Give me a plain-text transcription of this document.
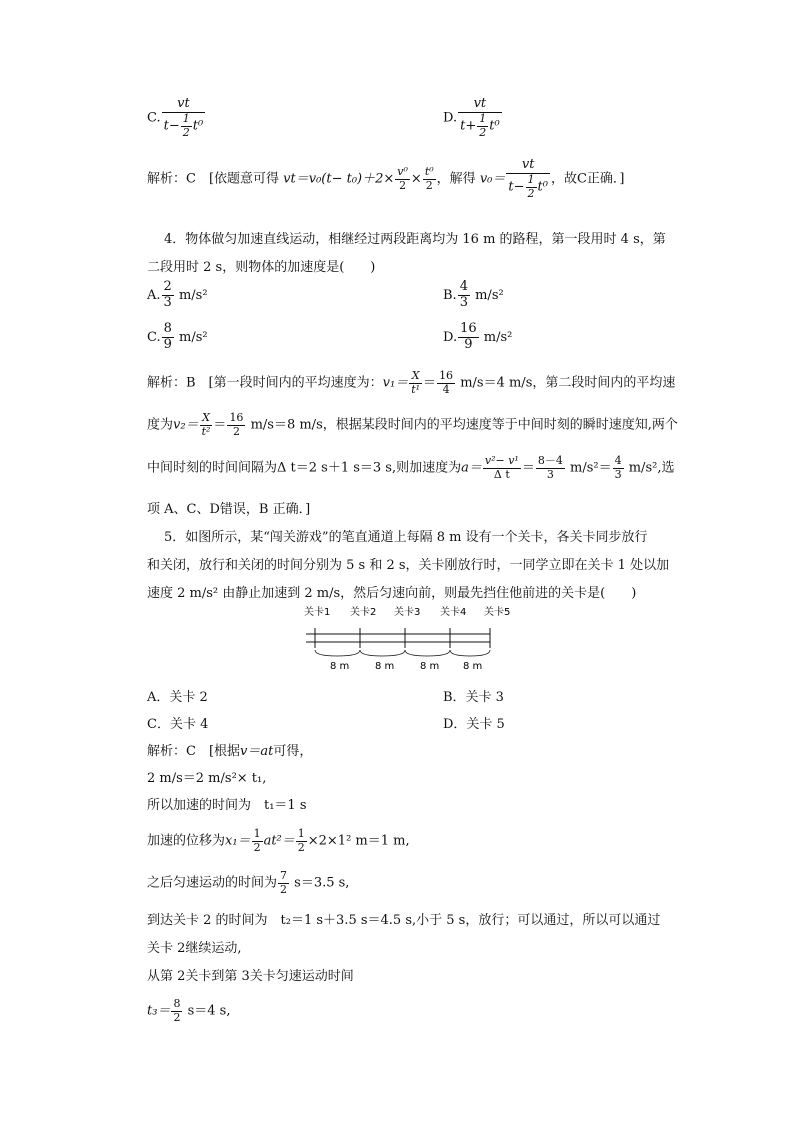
C. $\frac{vt}{t- \frac{1}{2} t^0}$	D. $\frac{vt}{t+ \frac{1}{2} t^0}$
解析：C　[依题意可得 $vt=v_0(t- t_0)+2\times \frac{\text{v⁰}}{2} \times \frac{\text{t⁰}}{2}$ ，解得 $v_0= \frac{vt}{t- \frac{1}{2} t^0}$ ，故C正确．]
4．物体做匀加速直线运动，相继经过两段距离均为 16 m 的路程，第一段用时 4 s，第
二段用时 2 s，则物体的加速度是(　　)
A. $\frac{2}{3} m/s^2$	B. $\frac{4}{3} m/s^2$
C. $\frac{8}{9} m/s^2$	D. $\frac{16}{9} m/s^2$
解析：B　[第一段时间内的平均速度为：$v_1= \frac{X}{\text{t¹}} = \frac{16}{4} m/s=4$ m/s，第二段时间内的平均速
度为$v_2= \frac{X}{\text{t²}} = \frac{16}{2} m/s=8$ m/s，根据某段时间内的平均速度等于中间时刻的瞬时速度知,两个
中间时刻的时间间隔为Δ t＝2 s＋1 s＝3 s,则加速度为$a= \frac{\text{v²− v¹}}{\text{Δ t}} = \frac{8-4}{3} m/s^2= \frac{4}{3} m/s^2$,选
项 A、C、D错误，B 正确．]
5．如图所示，某“闯关游戏”的笔直通道上每隔 8 m 设有一个关卡，各关卡同步放行
和关闭，放行和关闭的时间分别为 5 s 和 2 s，关卡刚放行时，一同学立即在关卡 1 处以加
速度 2 m/s² 由静止加速到 2 m/s，然后匀速向前，则最先挡住他前进的关卡是(　　)
关卡1 关卡2 关卡3 关卡4 关卡5
8 m	8 m	8 m 8 m
A．关卡 2	B．关卡 3
C．关卡 4	D．关卡 5
解析：C　[根据v＝at可得，
2 m/s＝2 m/s²× t₁,
所以加速的时间为　t₁＝1 s
加速的位移为$x_1= \frac{1}{2} at^2= \frac{1}{2} \times 2\times 1^2$ m＝1 m,
之后匀速运动的时间为 $\frac{7}{2} s=3.5$ s,
到达关卡 2 的时间为　t₂＝1 s＋3.5 s＝4.5 s,小于 5 s，放行；可以通过，所以可以通过
关卡 2继续运动,
从第 2关卡到第 3关卡匀速运动时间
$t_3= \frac{8}{2} s=4$ s,
